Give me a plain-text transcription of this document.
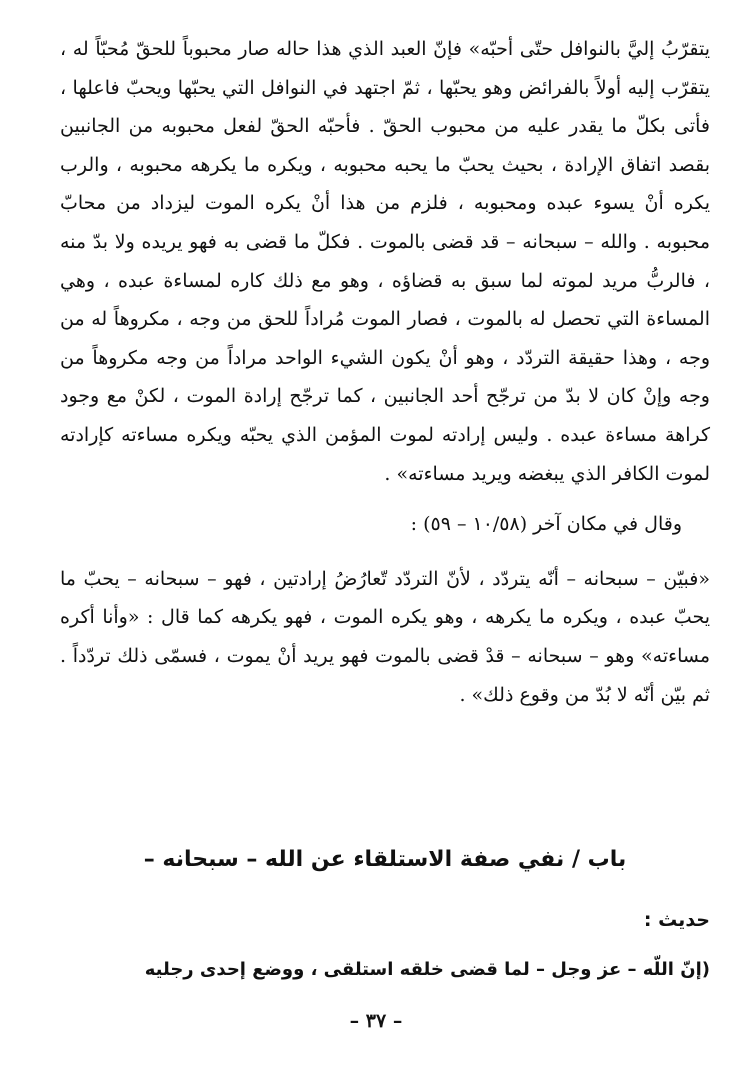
يتقرّبُ إليَّ بالنوافل حتّى أحبّه» فإنّ العبد الذي هذا حاله صار محبوباً للحقّ مُحبّاً له ، يتقرّب إليه أولاً بالفرائض وهو يحبّها ، ثمّ اجتهد في النوافل التي يحبّها ويحبّ فاعلها ، فأتى بكلّ ما يقدر عليه من محبوب الحقّ . فأحبّه الحقّ لفعل محبوبه من الجانبين بقصد اتفاق الإرادة ، بحيث يحبّ ما يحبه محبوبه ، ويكره ما يكرهه محبوبه ، والرب يكره أنْ يسوء عبده ومحبوبه ، فلزم من هذا أنْ يكره الموت ليزداد من محابّ محبوبه . والله – سبحانه – قد قضى بالموت . فكلّ ما قضى به فهو يريده ولا بدّ منه ، فالربُّ مريد لموته لما سبق به قضاؤه ، وهو مع ذلك كاره لمساءة عبده ، وهي المساءة التي تحصل له بالموت ، فصار الموت مُراداً للحق من وجه ، مكروهاً له من وجه ، وهذا حقيقة التردّد ، وهو أنْ يكون الشيء الواحد مراداً من وجه مكروهاً من وجه وإنْ كان لا بدّ من ترجّح أحد الجانبين ، كما ترجّح إرادة الموت ، لكنْ مع وجود كراهة مساءة عبده . وليس إرادته لموت المؤمن الذي يحبّه ويكره مساءته كإرادته لموت الكافر الذي يبغضه ويريد مساءته» .

وقال في مكان آخر (١٠/٥٨ – ٥٩) :

«فبيّن – سبحانه – أنّه يتردّد ، لأنّ التردّد تّعارُضُ إرادتين ، فهو – سبحانه – يحبّ ما يحبّ عبده ، ويكره ما يكرهه ، وهو يكره الموت ، فهو يكرهه كما قال : «وأنا أكره مساءته» وهو – سبحانه – قدْ قضى بالموت فهو يريد أنْ يموت ، فسمّى ذلك تردّداً . ثم بيّن أنّه لا بُدّ من وقوع ذلك» .

باب / نفي صفة الاستلقاء عن الله – سبحانه –
حديث :
(إنّ اللّه – عز وجل – لما قضى خلقه استلقى ، ووضع إحدى رجليه
– ٣٧ –
